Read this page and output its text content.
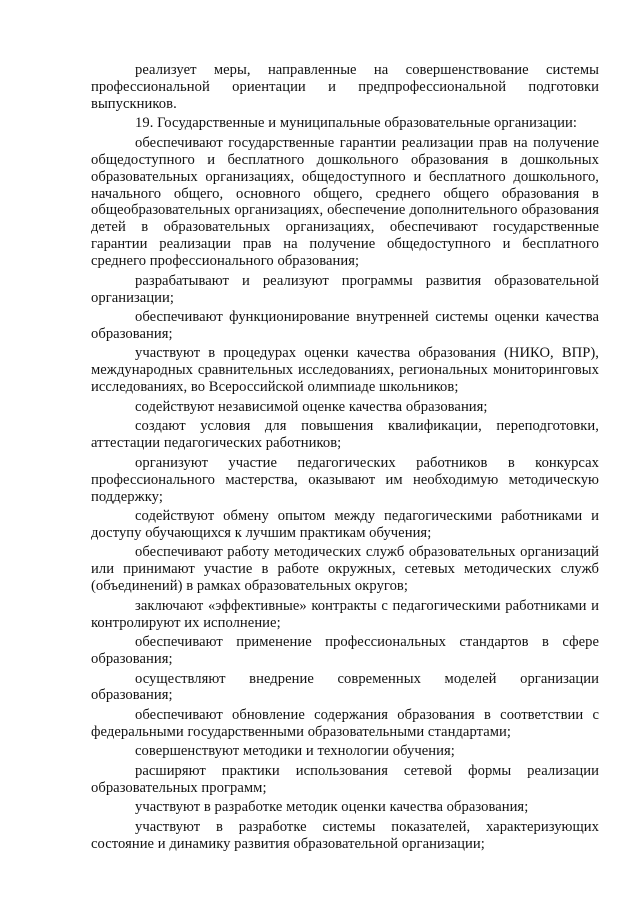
реализует меры, направленные на совершенствование системы профессиональной ориентации и предпрофессиональной подготовки выпускников.

19. Государственные и муниципальные образовательные организации:

обеспечивают государственные гарантии реализации прав на получение общедоступного и бесплатного дошкольного образования в дошкольных образовательных организациях, общедоступного и бесплатного дошкольного, начального общего, основного общего, среднего общего образования в общеобразовательных организациях, обеспечение дополнительного образования детей в образовательных организациях, обеспечивают государственные гарантии реализации прав на получение общедоступного и бесплатного среднего профессионального образования;

разрабатывают и реализуют программы развития образовательной организации;

обеспечивают функционирование внутренней системы оценки качества образования;

участвуют в процедурах оценки качества образования (НИКО, ВПР), международных сравнительных исследованиях, региональных мониторинговых исследованиях, во Всероссийской олимпиаде школьников;

содействуют независимой оценке качества образования;

создают условия для повышения квалификации, переподготовки, аттестации педагогических работников;

организуют участие педагогических работников в конкурсах профессионального мастерства, оказывают им необходимую методическую поддержку;

содействуют обмену опытом между педагогическими работниками и доступу обучающихся к лучшим практикам обучения;

обеспечивают работу методических служб образовательных организаций или принимают участие в работе окружных, сетевых методических служб (объединений) в рамках образовательных округов;

заключают «эффективные» контракты с педагогическими работниками и контролируют их исполнение;

обеспечивают применение профессиональных стандартов в сфере образования;

осуществляют внедрение современных моделей организации образования;

обеспечивают обновление содержания образования в соответствии с федеральными государственными образовательными стандартами;

совершенствуют методики и технологии обучения;

расширяют практики использования сетевой формы реализации образовательных программ;

участвуют в разработке методик оценки качества образования;

участвуют в разработке системы показателей, характеризующих состояние и динамику развития образовательной организации;
